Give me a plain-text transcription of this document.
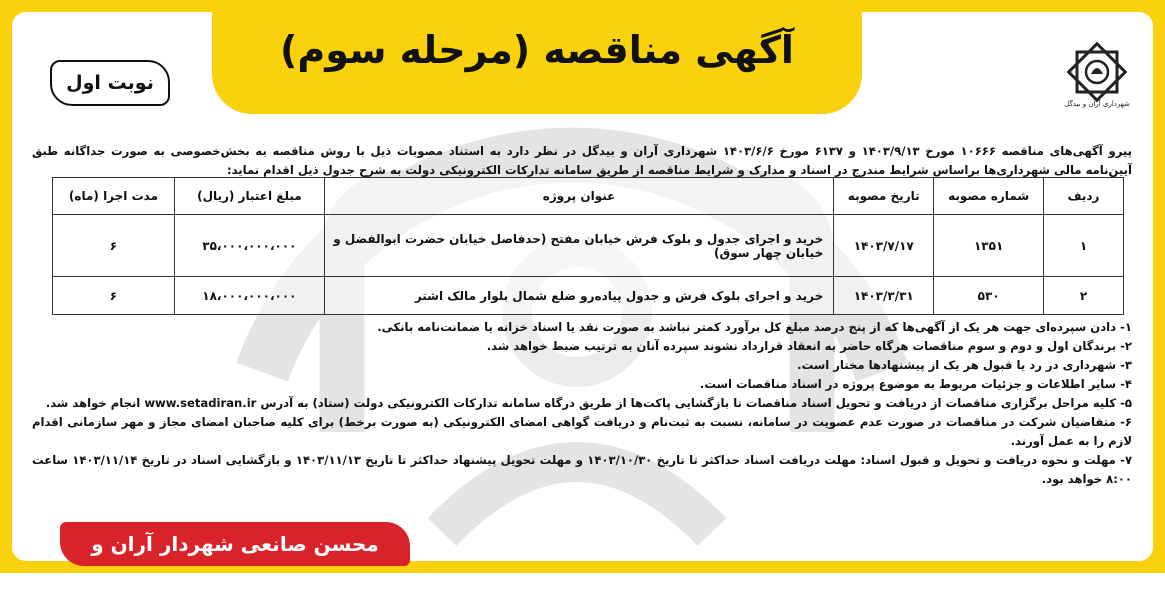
آگهی مناقصه (مرحله سوم)
نوبت اول
شهرداری آران و بیدگل

پیرو آگهی‌های مناقصه ۱۰۶۶۶ مورخ ۱۴۰۳/۹/۱۳ و ۶۱۳۷ مورخ ۱۴۰۳/۶/۶ شهرداری آران و بیدگل در نظر دارد به استناد مصوبات ذیل با روش مناقصه به بخش‌خصوصی به صورت جداگانه طبق آیین‌نامه مالی شهرداری‌ها براساس شرایط مندرج در اسناد و مدارک و شرایط مناقصه از طریق سامانه تدارکات الکترونیکی دولت به شرح جدول ذیل اقدام نماید:

ردیف	شماره مصوبه	تاریخ مصوبه	عنوان پروژه	مبلغ اعتبار (ریال)	مدت اجرا (ماه)
۱	۱۳۵۱	۱۴۰۳/۷/۱۷	خرید و اجرای جدول و بلوک فرش خیابان مفتح (حدفاصل خیابان حضرت ابوالفضل و خیابان چهار سوق)	۳۵،۰۰۰،۰۰۰،۰۰۰	۶
۲	۵۳۰	۱۴۰۳/۳/۳۱	خرید و اجرای بلوک فرش و جدول پیاده‌رو ضلع شمال بلوار مالک اشتر	۱۸،۰۰۰،۰۰۰،۰۰۰	۶

۱- دادن سپرده‌ای جهت هر یک از آگهی‌ها که از پنج درصد مبلغ کل برآورد کمتر نباشد به صورت نقد یا اسناد خزانه یا ضمانت‌نامه بانکی.

۲- برندگان اول و دوم و سوم مناقصات هرگاه حاضر به انعقاد قرارداد نشوند سپرده آنان به ترتیب ضبط خواهد شد.

۳- شهرداری در رد یا قبول هر یک از پیشنهادها مختار است.

۴- سایر اطلاعات و جزئیات مربوط به موضوع پروژه در اسناد مناقصات است.

۵- کلیه مراحل برگزاری مناقصات از دریافت و تحویل اسناد مناقصات تا بازگشایی پاکت‌ها از طریق درگاه سامانه تدارکات الکترونیکی دولت (ستاد) به آدرس www.setadiran.ir انجام خواهد شد.

۶- متقاضیان شرکت در مناقصات در صورت عدم عضویت در سامانه، نسبت به ثبت‌نام و دریافت گواهی امضای الکترونیکی (به صورت برخط) برای کلیه صاحبان امضای مجاز و مهر سازمانی اقدام لازم را به عمل آورند.

۷- مهلت و نحوه دریافت و تحویل و قبول اسناد: مهلت دریافت اسناد حداکثر تا تاریخ ۱۴۰۳/۱۰/۳۰ و مهلت تحویل پیشنهاد حداکثر تا تاریخ ۱۴۰۳/۱۱/۱۳ و بازگشایی اسناد در تاریخ ۱۴۰۳/۱۱/۱۴ ساعت ۸:۰۰ خواهد بود.

محسن صانعی شهردار آران و بیدگل
